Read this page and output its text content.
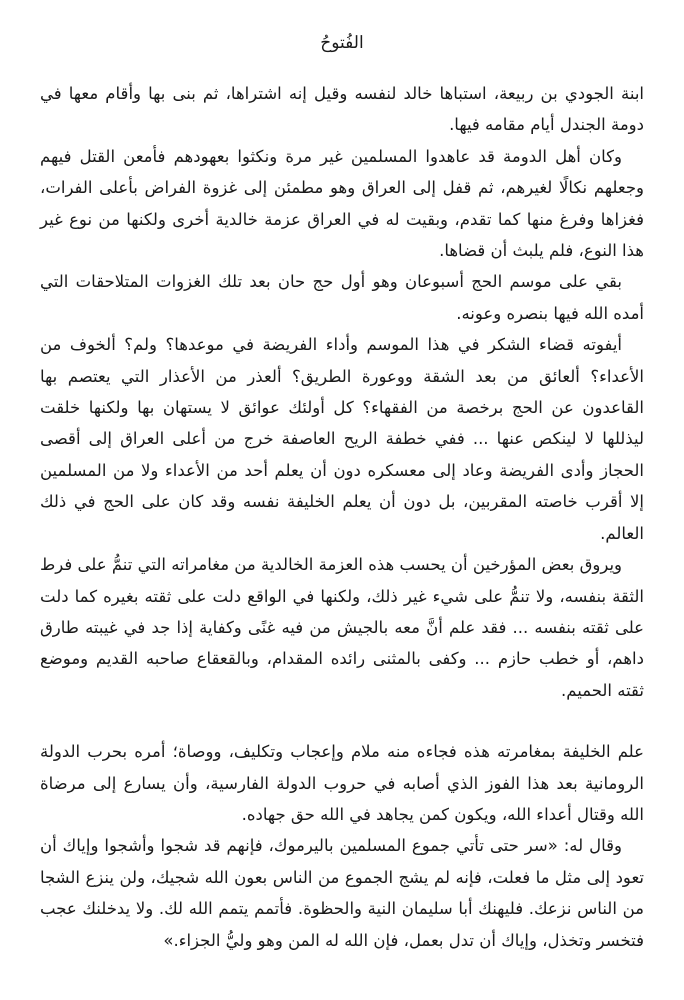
الفُتوحُ

ابنة الجودي بن ربيعة، استباها خالد لنفسه وقيل إنه اشتراها، ثم بنى بها وأقام معها في دومة الجندل أيام مقامه فيها.

وكان أهل الدومة قد عاهدوا المسلمين غير مرة ونكثوا بعهودهم فأمعن القتل فيهم وجعلهم نكالًا لغيرهم، ثم قفل إلى العراق وهو مطمئن إلى غزوة الفراض بأعلى الفرات، فغزاها وفرغ منها كما تقدم، وبقيت له في العراق عزمة خالدية أخرى ولكنها من نوع غير هذا النوع، فلم يلبث أن قضاها.

بقي على موسم الحج أسبوعان وهو أول حج حان بعد تلك الغزوات المتلاحقات التي أمده الله فيها بنصره وعونه.

أيفوته قضاء الشكر في هذا الموسم وأداء الفريضة في موعدها؟ ولم؟ ألخوف من الأعداء؟ ألعائق من بعد الشقة ووعورة الطريق؟ ألعذر من الأعذار التي يعتصم بها القاعدون عن الحج برخصة من الفقهاء؟ كل أولئك عوائق لا يستهان بها ولكنها خلقت ليذللها لا لينكص عنها ... ففي خطفة الريح العاصفة خرج من أعلى العراق إلى أقصى الحجاز وأدى الفريضة وعاد إلى معسكره دون أن يعلم أحد من الأعداء ولا من المسلمين إلا أقرب خاصته المقربين، بل دون أن يعلم الخليفة نفسه وقد كان على الحج في ذلك العالم.

ويروق بعض المؤرخين أن يحسب هذه العزمة الخالدية من مغامراته التي تنمُّ على فرط الثقة بنفسه، ولا تنمُّ على شيء غير ذلك، ولكنها في الواقع دلت على ثقته بغيره كما دلت على ثقته بنفسه ... فقد علم أنَّ معه بالجيش من فيه غنًى وكفاية إذا جد في غيبته طارق داهم، أو خطب حازم ... وكفى بالمثنى رائده المقدام، وبالقعقاع صاحبه القديم وموضع ثقته الحميم.

علم الخليفة بمغامرته هذه فجاءه منه ملام وإعجاب وتكليف، ووصاة؛ أمره بحرب الدولة الرومانية بعد هذا الفوز الذي أصابه في حروب الدولة الفارسية، وأن يسارع إلى مرضاة الله وقتال أعداء الله، ويكون كمن يجاهد في الله حق جهاده.

وقال له: «سر حتى تأتي جموع المسلمين باليرموك، فإنهم قد شجوا وأشجوا وإياك أن تعود إلى مثل ما فعلت، فإنه لم يشج الجموع من الناس بعون الله شجيك، ولن ينزع الشجا من الناس نزعك. فليهنك أبا سليمان النية والحظوة. فأتمم يتمم الله لك. ولا يدخلنك عجب فتخسر وتخذل، وإياك أن تدل بعمل، فإن الله له المن وهو وليُّ الجزاء.»
